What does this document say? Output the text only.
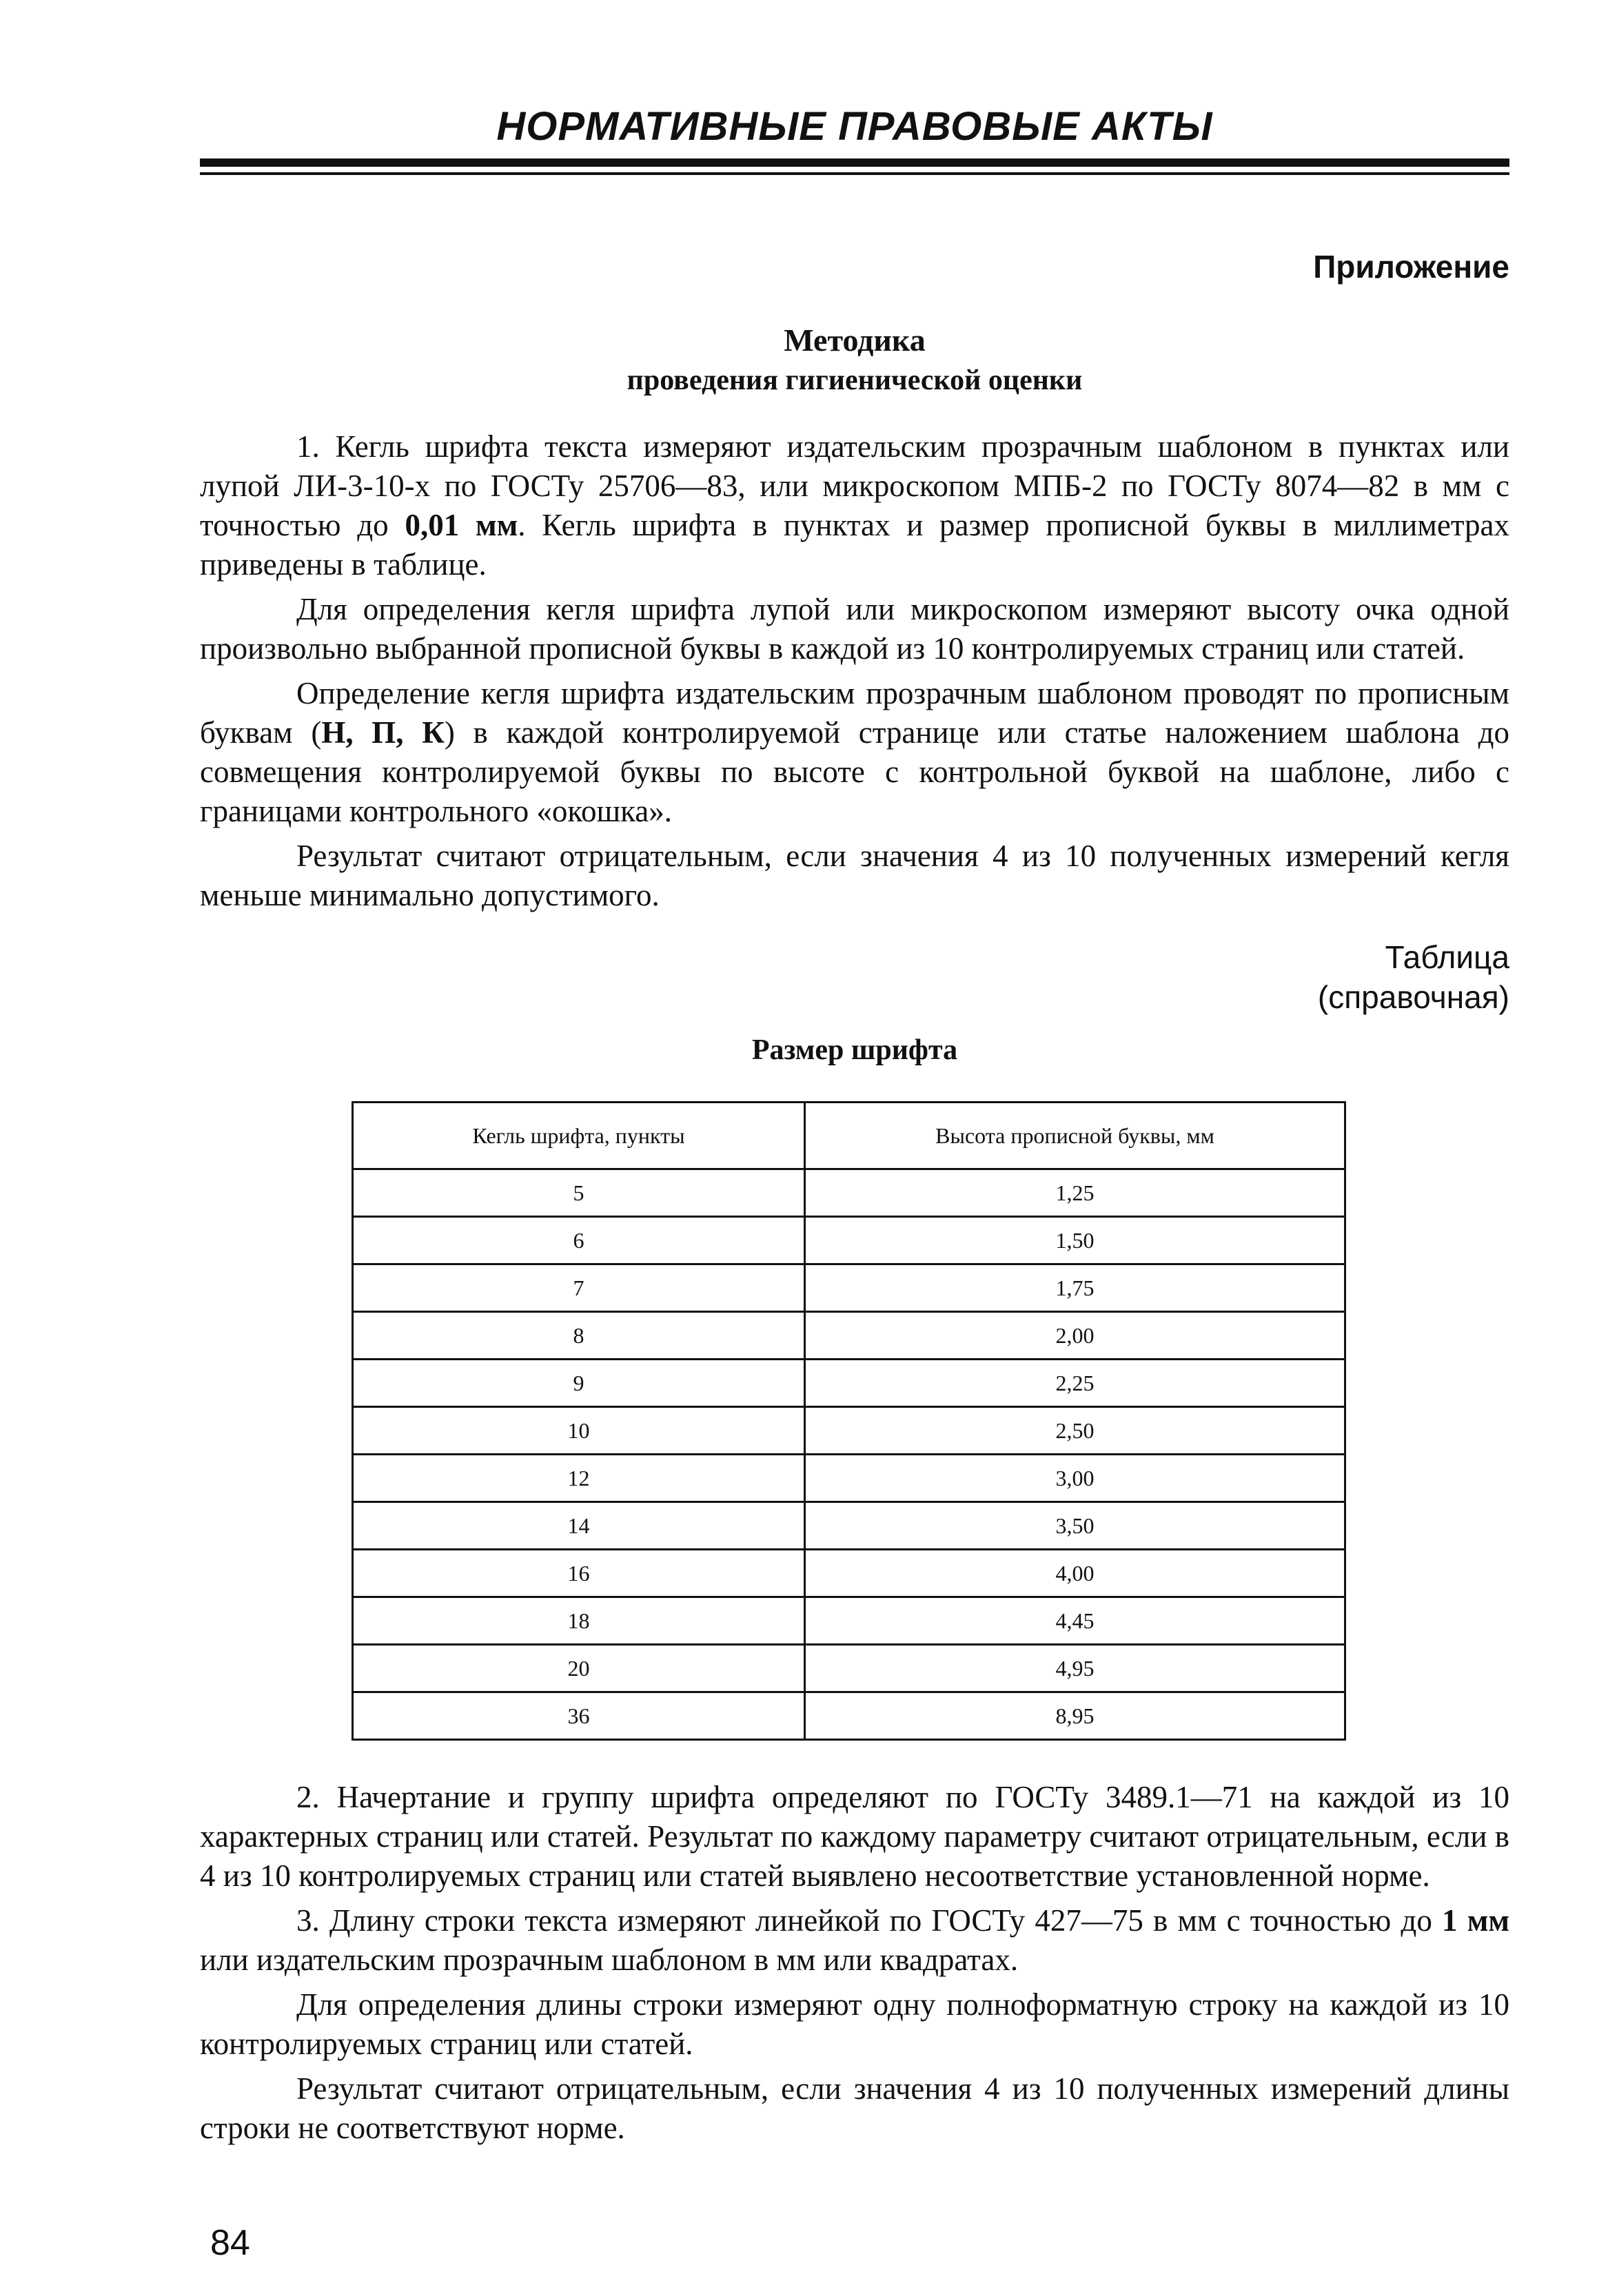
НОРМАТИВНЫЕ ПРАВОВЫЕ АКТЫ
Приложение
Методика
проведения гигиенической оценки

1. Кегль шрифта текста измеряют издательским прозрачным шаблоном в пунктах или лупой ЛИ-3-10-х по ГОСТу 25706—83, или микроскопом МПБ-2 по ГОСТу 8074—82 в мм с точностью до 0,01 мм. Кегль шрифта в пунктах и размер прописной буквы в миллиметрах приведены в таблице.

Для определения кегля шрифта лупой или микроскопом измеряют высоту очка одной произвольно выбранной прописной буквы в каждой из 10 контролируемых страниц или статей.

Определение кегля шрифта издательским прозрачным шаблоном проводят по прописным буквам (Н, П, К) в каждой контролируемой странице или статье наложением шаблона до совмещения контролируемой буквы по высоте с контрольной буквой на шаблоне, либо с границами контрольного «окошка».

Результат считают отрицательным, если значения 4 из 10 полученных измерений кегля меньше минимально допустимого.

Таблица
(справочная)
Размер шрифта
Кегль шрифта, пункты	Высота прописной буквы, мм
5	1,25
6	1,50
7	1,75
8	2,00
9	2,25
10	2,50
12	3,00
14	3,50
16	4,00
18	4,45
20	4,95
36	8,95

2. Начертание и группу шрифта определяют по ГОСТу 3489.1—71 на каждой из 10 характерных страниц или статей. Результат по каждому параметру считают отрицательным, если в 4 из 10 контролируемых страниц или статей выявлено несоответствие установленной норме.

3. Длину строки текста измеряют линейкой по ГОСТу 427—75 в мм с точностью до 1 мм или издательским прозрачным шаблоном в мм или квадратах.

Для определения длины строки измеряют одну полноформатную строку на каждой из 10 контролируемых страниц или статей.

Результат считают отрицательным, если значения 4 из 10 полученных измерений длины строки не соответствуют норме.

84
